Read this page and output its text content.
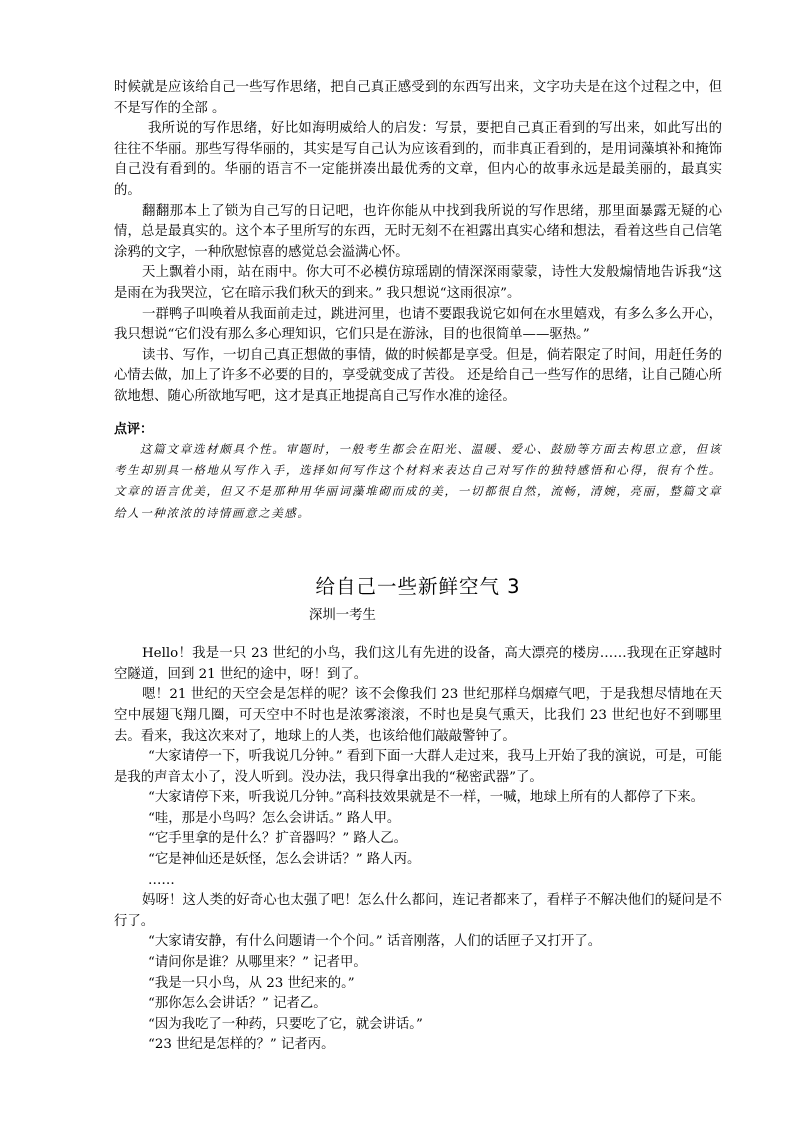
时候就是应该给自己一些写作思绪，把自己真正感受到的东西写出来，文字功夫是在这个过程之中，但不是写作的全部 。

我所说的写作思绪，好比如海明威给人的启发：写景，要把自己真正看到的写出来，如此写出的往往不华丽。那些写得华丽的，其实是写自己认为应该看到的，而非真正看到的，是用词藻填补和掩饰自己没有看到的。华丽的语言不一定能拼凑出最优秀的文章，但内心的故事永远是最美丽的，最真实的。

翻翻那本上了锁为自己写的日记吧，也许你能从中找到我所说的写作思绪，那里面暴露无疑的心情，总是最真实的。这个本子里所写的东西，无时无刻不在袒露出真实心绪和想法，看着这些自己信笔涂鸦的文字，一种欣慰惊喜的感觉总会溢满心怀。

天上飘着小雨，站在雨中。你大可不必模仿琼瑶剧的情深深雨蒙蒙，诗性大发般煽情地告诉我“这是雨在为我哭泣，它在暗示我们秋天的到来。” 我只想说“这雨很凉”。

一群鸭子叫唤着从我面前走过，跳进河里，也请不要跟我说它如何在水里嬉戏，有多么多么开心，我只想说“它们没有那么多心理知识，它们只是在游泳，目的也很简单——驱热。”

读书、写作，一切自己真正想做的事情，做的时候都是享受。但是，倘若限定了时间，用赶任务的心情去做，加上了许多不必要的目的，享受就变成了苦役。 还是给自己一些写作的思绪，让自己随心所欲地想、随心所欲地写吧，这才是真正地提高自己写作水准的途径。

点评：

这篇文章选材颇具个性。审题时，一般考生都会在阳光、温暖、爱心、鼓励等方面去构思立意，但该考生却别具一格地从写作入手，选择如何写作这个材料来表达自己对写作的独特感悟和心得，很有个性。 文章的语言优美，但又不是那种用华丽词藻堆砌而成的美，一切都很自然，流畅，清婉，亮丽，整篇文章给人一种浓浓的诗情画意之美感。

给自己一些新鲜空气 3

深圳一考生

Hello！我是一只 23 世纪的小鸟，我们这儿有先进的设备，高大漂亮的楼房……我现在正穿越时空隧道，回到 21 世纪的途中，呀！到了。

嗯！21 世纪的天空会是怎样的呢？该不会像我们 23 世纪那样乌烟瘴气吧，于是我想尽情地在天空中展翅飞翔几圈，可天空中不时也是浓雾滚滚，不时也是臭气熏天，比我们 23 世纪也好不到哪里去。看来，我这次来对了，地球上的人类，也该给他们敲敲警钟了。

“大家请停一下，听我说几分钟。” 看到下面一大群人走过来，我马上开始了我的演说，可是，可能是我的声音太小了，没人听到。没办法，我只得拿出我的“秘密武器”了。

“大家请停下来，听我说几分钟。”高科技效果就是不一样，一喊，地球上所有的人都停了下来。

“哇，那是小鸟吗？怎么会讲话。” 路人甲。

“它手里拿的是什么？扩音器吗？” 路人乙。

“它是神仙还是妖怪，怎么会讲话？” 路人丙。

……

妈呀！这人类的好奇心也太强了吧！怎么什么都问，连记者都来了，看样子不解决他们的疑问是不行了。

“大家请安静，有什么问题请一个个问。” 话音刚落，人们的话匣子又打开了。

“请问你是谁？从哪里来？” 记者甲。

“我是一只小鸟，从 23 世纪来的。”

“那你怎么会讲话？” 记者乙。

“因为我吃了一种药，只要吃了它，就会讲话。”

“23 世纪是怎样的？” 记者丙。
